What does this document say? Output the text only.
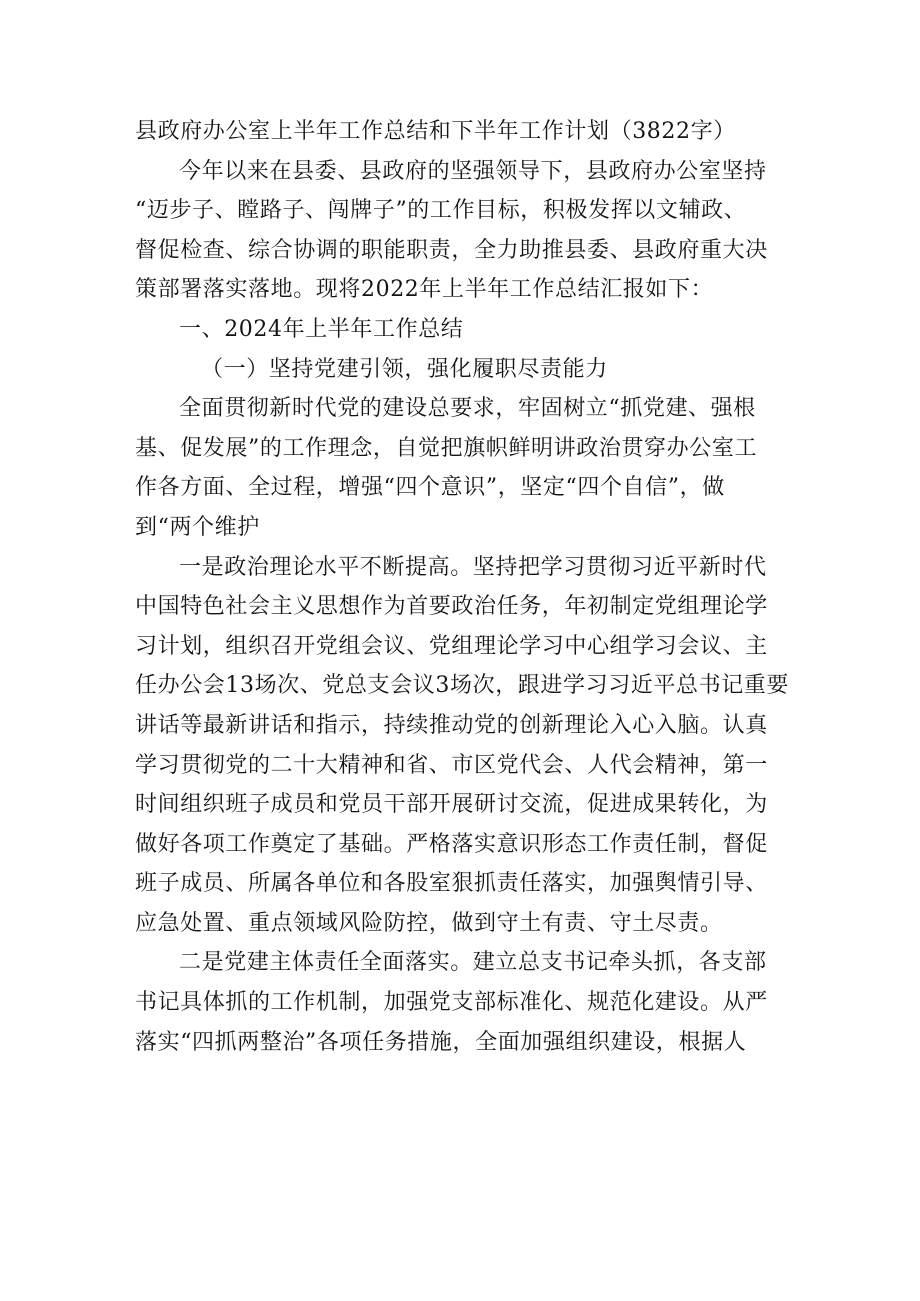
县政府办公室上半年工作总结和下半年工作计划（3822字）
今年以来在县委、县政府的坚强领导下，县政府办公室坚持
“迈步子、瞠路子、闯牌子”的工作目标，积极发挥以文辅政、
督促检查、综合协调的职能职责，全力助推县委、县政府重大决
策部署落实落地。现将2022年上半年工作总结汇报如下：
一、2024年上半年工作总结
（一）坚持党建引领，强化履职尽责能力
全面贯彻新时代党的建设总要求，牢固树立“抓党建、强根
基、促发展”的工作理念，自觉把旗帜鲜明讲政治贯穿办公室工
作各方面、全过程，增强“四个意识”，坚定“四个自信”，做
到“两个维护
一是政治理论水平不断提高。坚持把学习贯彻习近平新时代
中国特色社会主义思想作为首要政治任务，年初制定党组理论学
习计划，组织召开党组会议、党组理论学习中心组学习会议、主
任办公会13场次、党总支会议3场次，跟进学习习近平总书记重要
讲话等最新讲话和指示，持续推动党的创新理论入心入脑。认真
学习贯彻党的二十大精神和省、市区党代会、人代会精神，第一
时间组织班子成员和党员干部开展研讨交流，促进成果转化，为
做好各项工作奠定了基础。严格落实意识形态工作责任制，督促
班子成员、所属各单位和各股室狠抓责任落实，加强舆情引导、
应急处置、重点领域风险防控，做到守土有责、守土尽责。
二是党建主体责任全面落实。建立总支书记牵头抓，各支部
书记具体抓的工作机制，加强党支部标准化、规范化建设。从严
落实“四抓两整治”各项任务措施，全面加强组织建设，根据人
